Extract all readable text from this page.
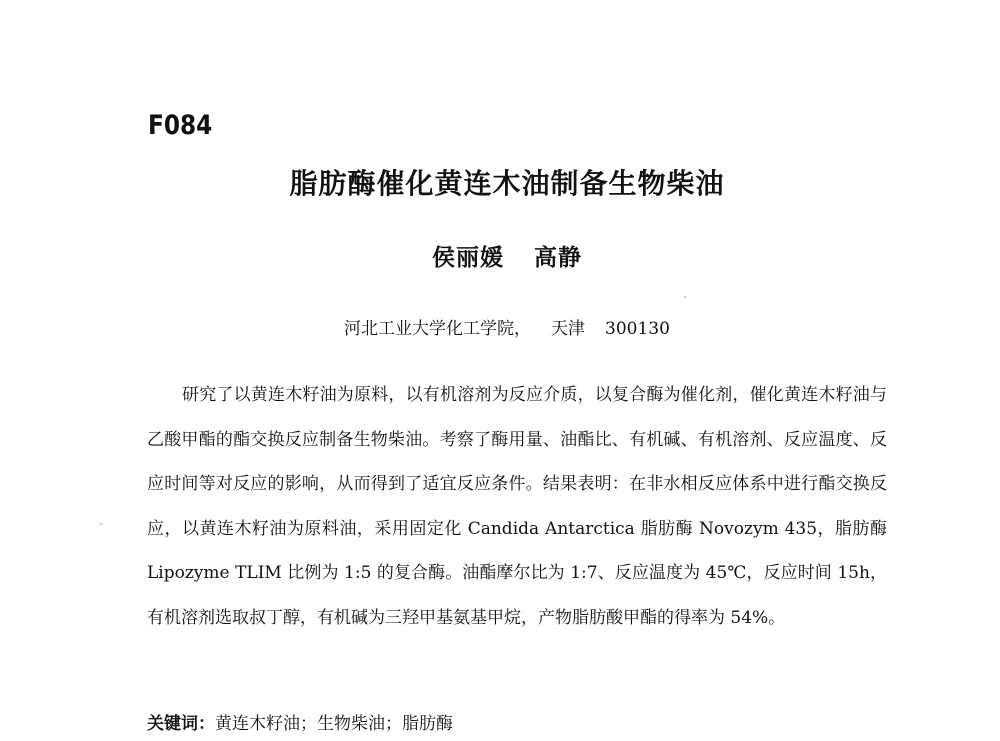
F084
脂肪酶催化黄连木油制备生物柴油
侯丽媛 高静
河北工业大学化工学院， 天津 300130

研究了以黄连木籽油为原料，以有机溶剂为反应介质，以复合酶为催化剂，催化黄连木籽油与乙酸甲酯的酯交换反应制备生物柴油。考察了酶用量、油酯比、有机碱、有机溶剂、反应温度、反应时间等对反应的影响，从而得到了适宜反应条件。结果表明：在非水相反应体系中进行酯交换反应，以黄连木籽油为原料油，采用固定化 Candida Antarctica 脂肪酶 Novozym 435，脂肪酶 Lipozyme TLIM 比例为 1:5 的复合酶。油酯摩尔比为 1:7、反应温度为 45℃，反应时间 15h，有机溶剂选取叔丁醇，有机碱为三羟甲基氨基甲烷，产物脂肪酸甲酯的得率为 54%。

关键词：黄连木籽油；生物柴油；脂肪酶
